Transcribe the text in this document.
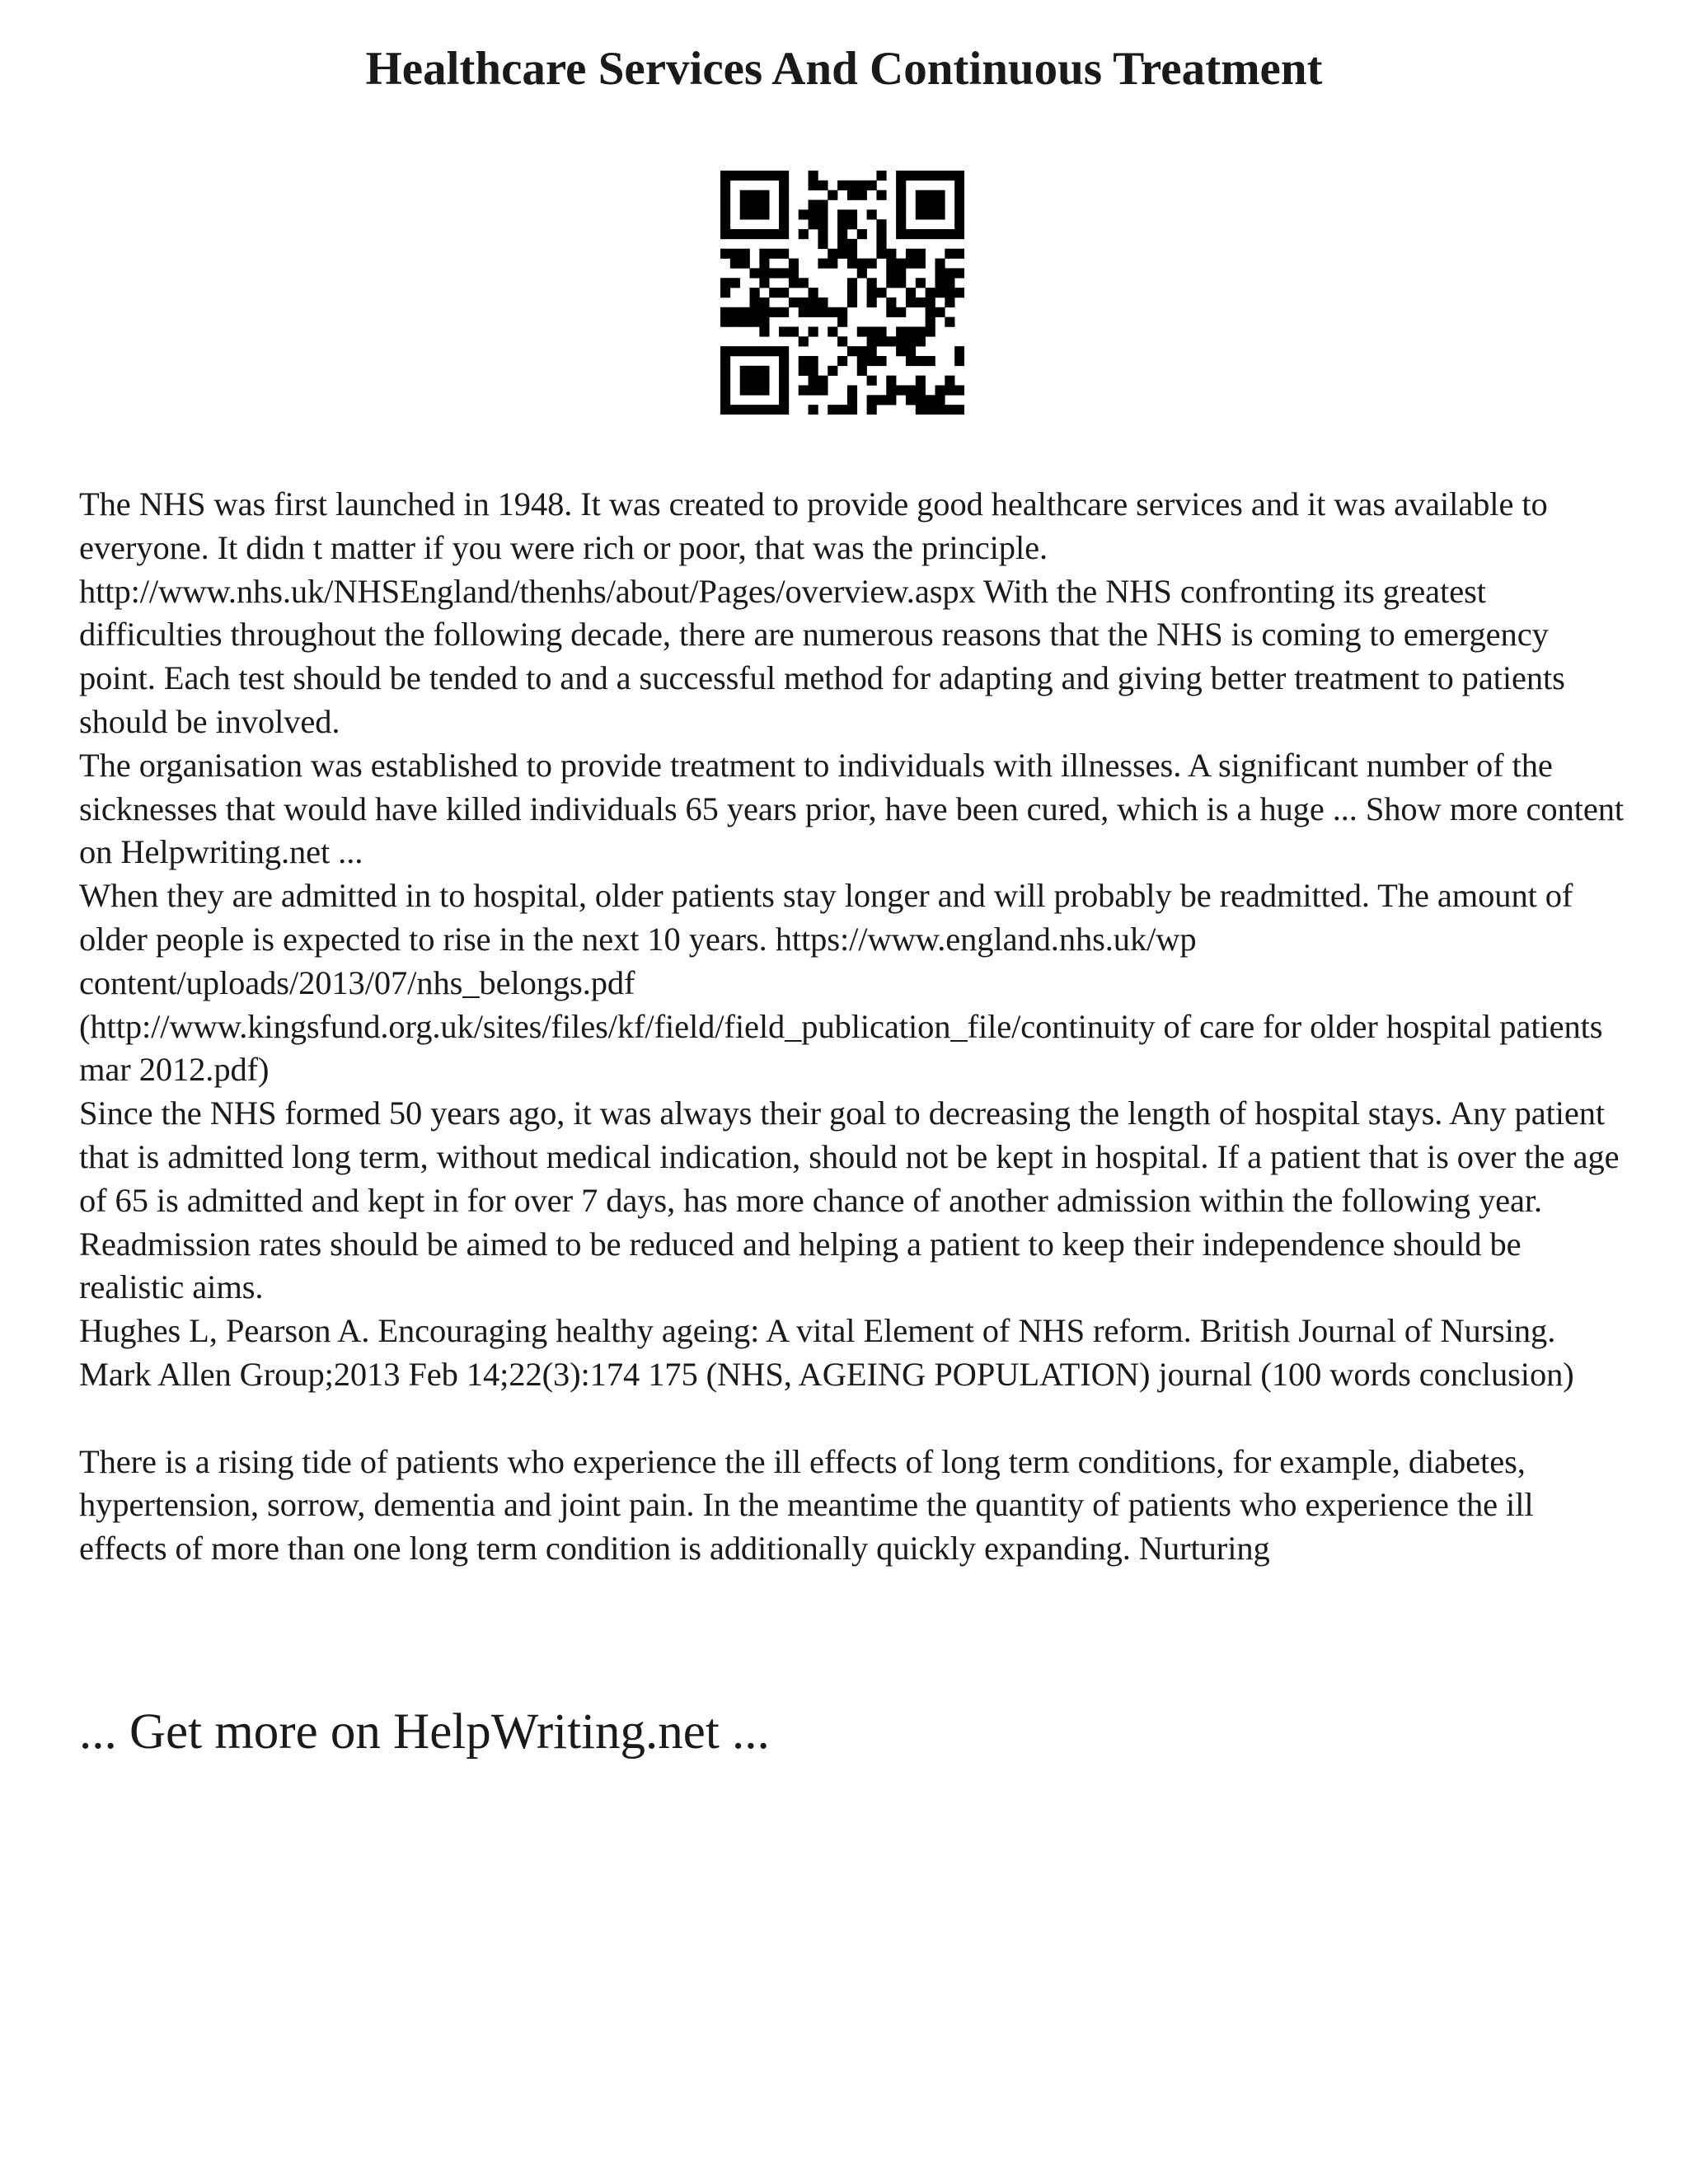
Healthcare Services And Continuous Treatment

The NHS was first launched in 1948. It was created to provide good healthcare services and it was available to everyone. It didn t matter if you were rich or poor, that was the principle. http://www.nhs.uk/NHSEngland/thenhs/about/Pages/overview.aspx With the NHS confronting its greatest difficulties throughout the following decade, there are numerous reasons that the NHS is coming to emergency point. Each test should be tended to and a successful method for adapting and giving better treatment to patients should be involved.

The organisation was established to provide treatment to individuals with illnesses. A significant number of the sicknesses that would have killed individuals 65 years prior, have been cured, which is a huge ... Show more content on Helpwriting.net ...

When they are admitted in to hospital, older patients stay longer and will probably be readmitted. The amount of older people is expected to rise in the next 10 years. https://www.england.nhs.uk/wp content/uploads/2013/07/nhs_belongs.pdf (http://www.kingsfund.org.uk/sites/files/kf/field/field_publication_file/continuity of care for older hospital patients mar 2012.pdf)

Since the NHS formed 50 years ago, it was always their goal to decreasing the length of hospital stays. Any patient that is admitted long term, without medical indication, should not be kept in hospital. If a patient that is over the age of 65 is admitted and kept in for over 7 days, has more chance of another admission within the following year. Readmission rates should be aimed to be reduced and helping a patient to keep their independence should be realistic aims.

Hughes L, Pearson A. Encouraging healthy ageing: A vital Element of NHS reform. British Journal of Nursing. Mark Allen Group;2013 Feb 14;22(3):174 175 (NHS, AGEING POPULATION) journal (100 words conclusion)

There is a rising tide of patients who experience the ill effects of long term conditions, for example, diabetes, hypertension, sorrow, dementia and joint pain. In the meantime the quantity of patients who experience the ill effects of more than one long term condition is additionally quickly expanding. Nurturing

... Get more on HelpWriting.net ...
